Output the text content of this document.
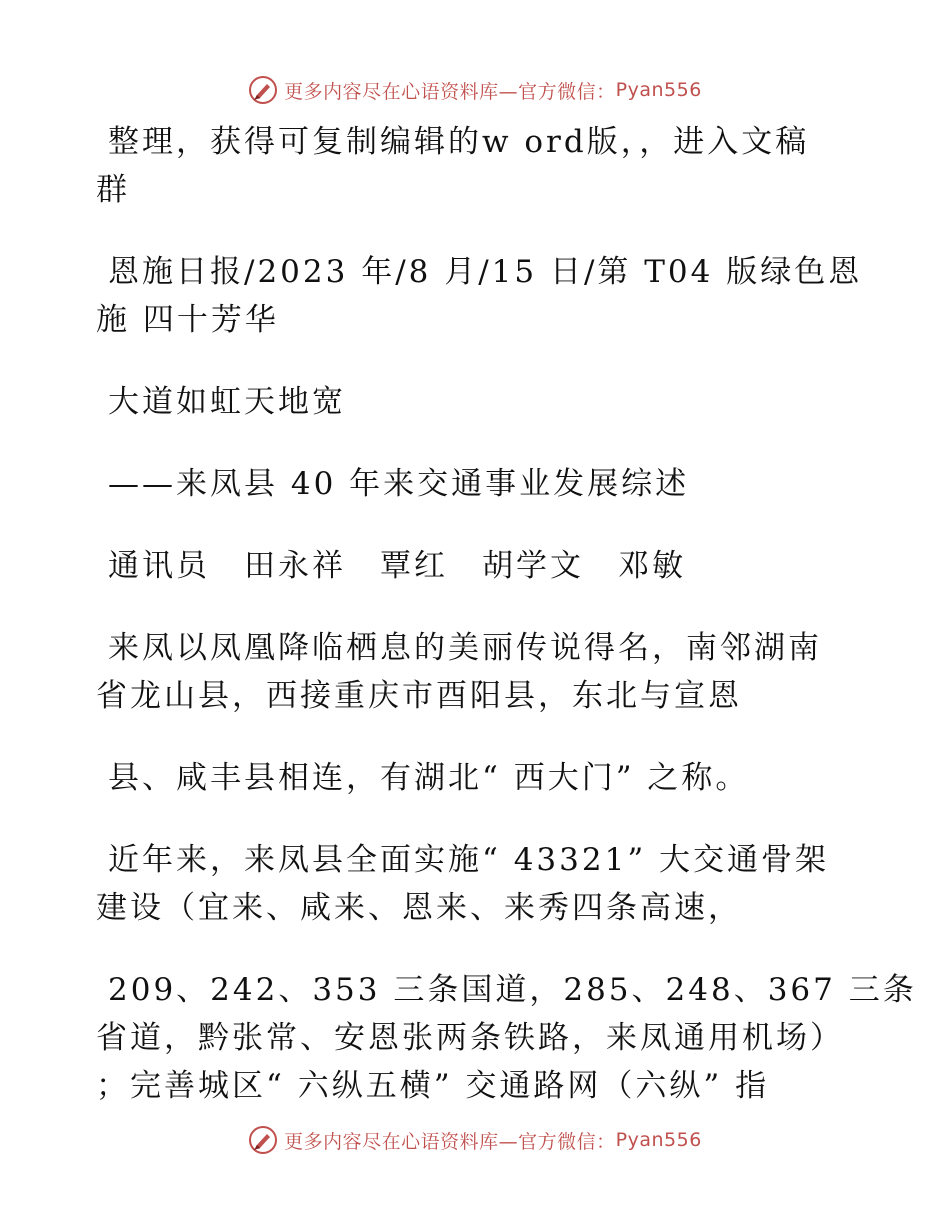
更多内容尽在心语资料库—官方微信： Pyan556
整理，获得可复制编辑的w ord版，，进入文稿
群
恩施日报/2023 年/8 月/15 日/第 T04 版绿色恩
施 四十芳华
大道如虹天地宽
——来凤县 40 年来交通事业发展综述
通讯员　田永祥　覃红　胡学文　邓敏
来凤以凤凰降临栖息的美丽传说得名，南邻湖南
省龙山县，西接重庆市酉阳县，东北与宣恩
县、咸丰县相连，有湖北“ 西大门” 之称。
近年来，来凤县全面实施“ 43321” 大交通骨架
建设（宜来、咸来、恩来、来秀四条高速，
209、242、353 三条国道，285、248、367 三条
省道，黔张常、安恩张两条铁路，来凤通用机场）
；完善城区“ 六纵五横” 交通路网（六纵” 指
更多内容尽在心语资料库—官方微信： Pyan556
